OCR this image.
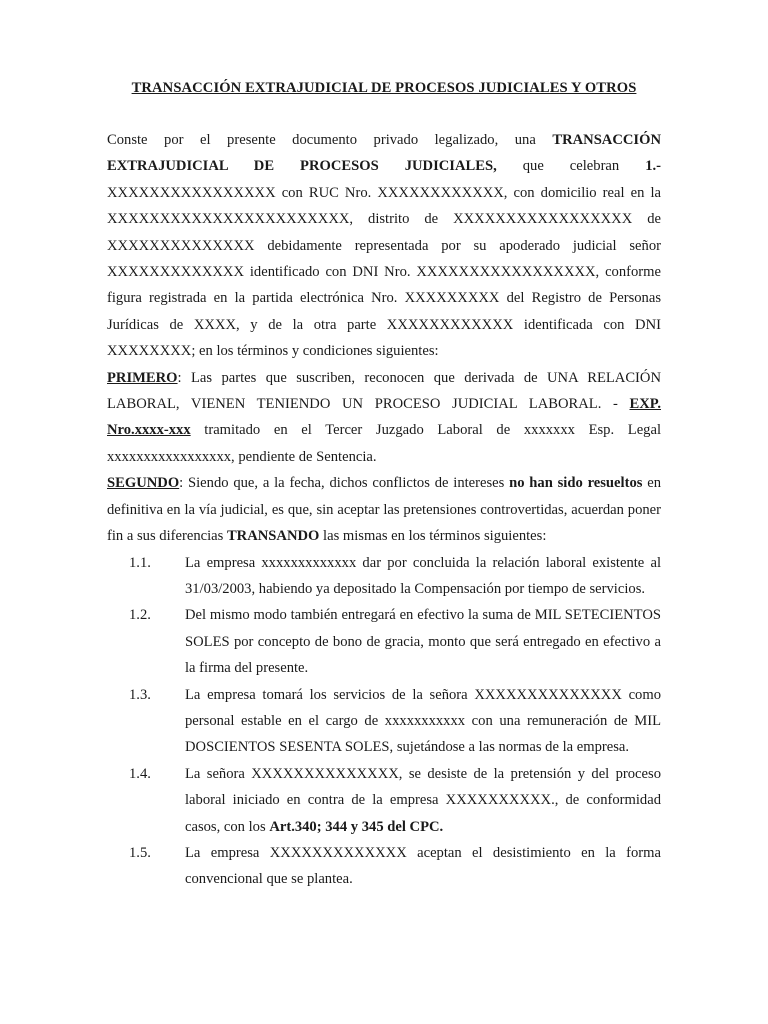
TRANSACCIÓN EXTRAJUDICIAL DE PROCESOS JUDICIALES Y OTROS

Conste por el presente documento privado legalizado, una TRANSACCIÓN EXTRAJUDICIAL DE PROCESOS JUDICIALES, que celebran 1.- XXXXXXXXXXXXXXXX con RUC Nro. XXXXXXXXXXXX, con domicilio real en la XXXXXXXXXXXXXXXXXXXXXXX, distrito de XXXXXXXXXXXXXXXXX de XXXXXXXXXXXXXX debidamente representada por su apoderado judicial señor XXXXXXXXXXXXX identificado con DNI Nro. XXXXXXXXXXXXXXXXX, conforme figura registrada en la partida electrónica Nro. XXXXXXXXX del Registro de Personas Jurídicas de XXXX, y de la otra parte XXXXXXXXXXXX identificada con DNI XXXXXXXX; en los términos y condiciones siguientes:

PRIMERO: Las partes que suscriben, reconocen que derivada de UNA RELACIÓN LABORAL, VIENEN TENIENDO UN PROCESO JUDICIAL LABORAL. - EXP. Nro.xxxx-xxx tramitado en el Tercer Juzgado Laboral de xxxxxxx Esp. Legal xxxxxxxxxxxxxxxxx, pendiente de Sentencia.

SEGUNDO: Siendo que, a la fecha, dichos conflictos de intereses no han sido resueltos en definitiva en la vía judicial, es que, sin aceptar las pretensiones controvertidas, acuerdan poner fin a sus diferencias TRANSANDO las mismas en los términos siguientes:

1.1.	La empresa xxxxxxxxxxxxx dar por concluida la relación laboral existente al 31/03/2003, habiendo ya depositado la Compensación por tiempo de servicios.
1.2.	Del mismo modo también entregará en efectivo la suma de MIL SETECIENTOS SOLES por concepto de bono de gracia, monto que será entregado en efectivo a la firma del presente.
1.3.	La empresa tomará los servicios de la señora XXXXXXXXXXXXXX como personal estable en el cargo de xxxxxxxxxxx con una remuneración de MIL DOSCIENTOS SESENTA SOLES, sujetándose a las normas de la empresa.
1.4.	La señora XXXXXXXXXXXXXX, se desiste de la pretensión y del proceso laboral iniciado en contra de la empresa XXXXXXXXXX., de conformidad casos, con los Art.340; 344 y 345 del CPC.
1.5.	La empresa XXXXXXXXXXXXX aceptan el desistimiento en la forma convencional que se plantea.
